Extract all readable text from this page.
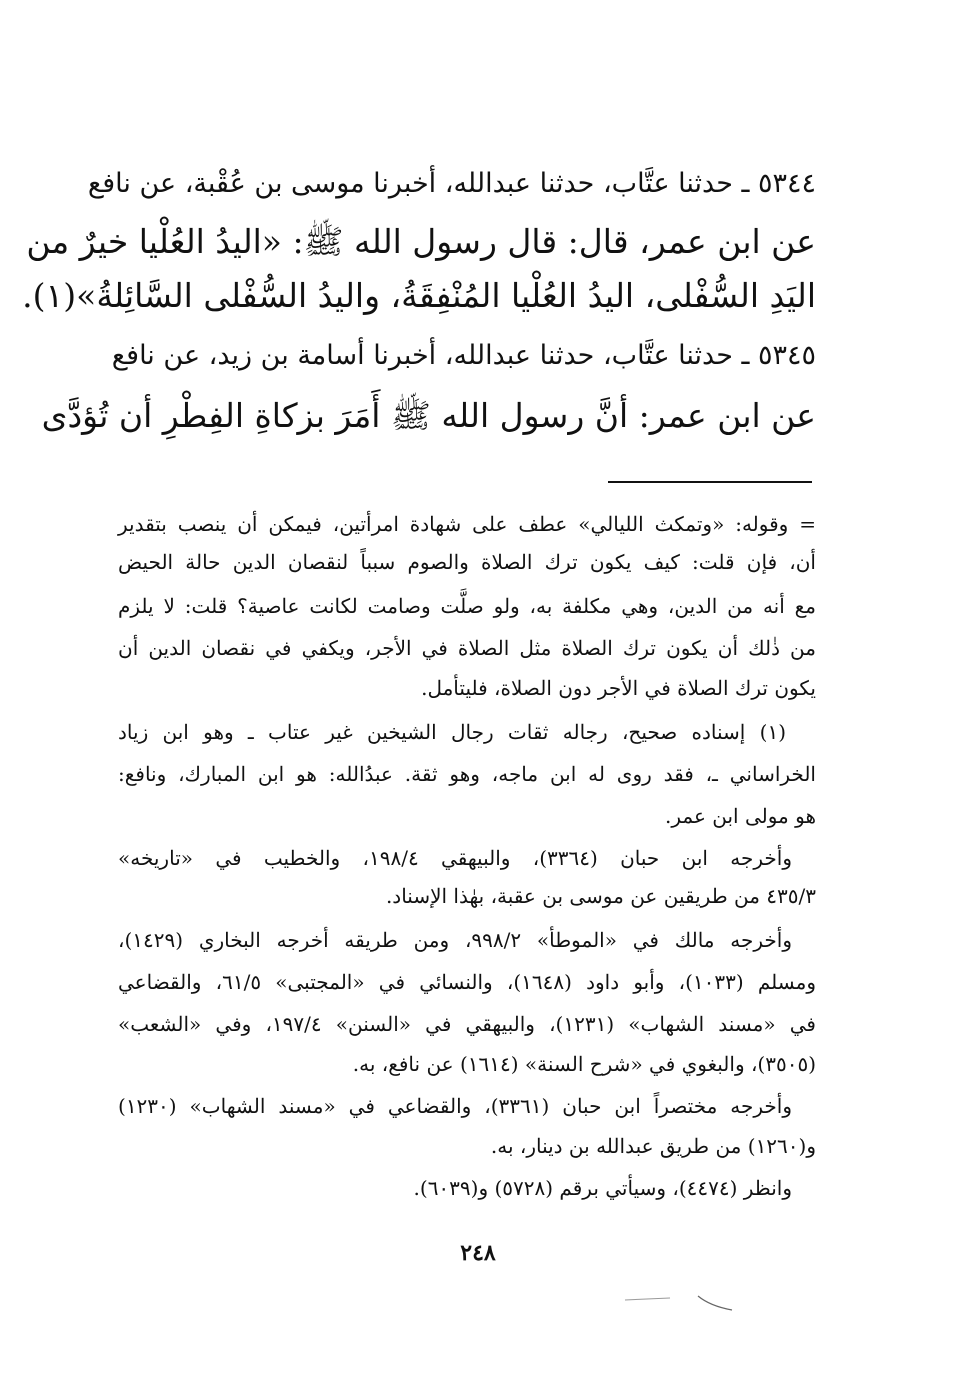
٥٣٤٤ ـ حدثنا عتَّاب، حدثنا عبدالله، أخبرنا موسى بن عُقْبة، عن نافع
عن ابن عمر، قال: قال رسول الله ﷺ: «اليدُ العُلْيا خيرٌ من
اليَدِ السُّفْلى، اليدُ العُلْيا المُنْفِقَةُ، واليدُ السُّفْلى السَّائِلةُ»(١).
٥٣٤٥ ـ حدثنا عتَّاب، حدثنا عبدالله، أخبرنا أسامة بن زيد، عن نافع
عن ابن عمر: أنَّ رسول الله ﷺ أَمَرَ بزكاةِ الفِطْرِ أن تُؤدَّى
= وقوله: «وتمكث الليالي» عطف على شهادة امرأتين، فيمكن أن ينصب بتقدير
أن، فإن قلت: كيف يكون ترك الصلاة والصوم سبباً لنقصان الدين حالة الحيض
مع أنه من الدين، وهي مكلفة به، ولو صلَّت وصامت لكانت عاصية؟ قلت: لا يلزم
من ذٰلك أن يكون ترك الصلاة مثل الصلاة في الأجر، ويكفي في نقصان الدين أن
يكون ترك الصلاة في الأجر دون الصلاة، فليتأمل.
(١) إسناده صحيح، رجاله ثقات رجال الشيخين غير عتاب ـ وهو ابن زياد
الخراساني ـ، فقد روى له ابن ماجه، وهو ثقة. عبدُالله: هو ابن المبارك، ونافع:
هو مولى ابن عمر.
وأخرجه ابن حبان (٣٣٦٤)، والبيهقي ١٩٨/٤، والخطيب في «تاريخه»
٤٣٥/٣ من طريقين عن موسى بن عقبة، بهٰذا الإسناد.
وأخرجه مالك في «الموطأ» ٩٩٨/٢، ومن طريقه أخرجه البخاري (١٤٢٩)،
ومسلم (١٠٣٣)، وأبو داود (١٦٤٨)، والنسائي في «المجتبى» ٦١/٥، والقضاعي
في «مسند الشهاب» (١٢٣١)، والبيهقي في «السنن» ١٩٧/٤، وفي «الشعب»
(٣٥٠٥)، والبغوي في «شرح السنة» (١٦١٤) عن نافع، به.
وأخرجه مختصراً ابن حبان (٣٣٦١)، والقضاعي في «مسند الشهاب» (١٢٣٠)
و(١٢٦٠) من طريق عبدالله بن دينار، به.
وانظر (٤٤٧٤)، وسيأتي برقم (٥٧٢٨) و(٦٠٣٩).
٢٤٨
